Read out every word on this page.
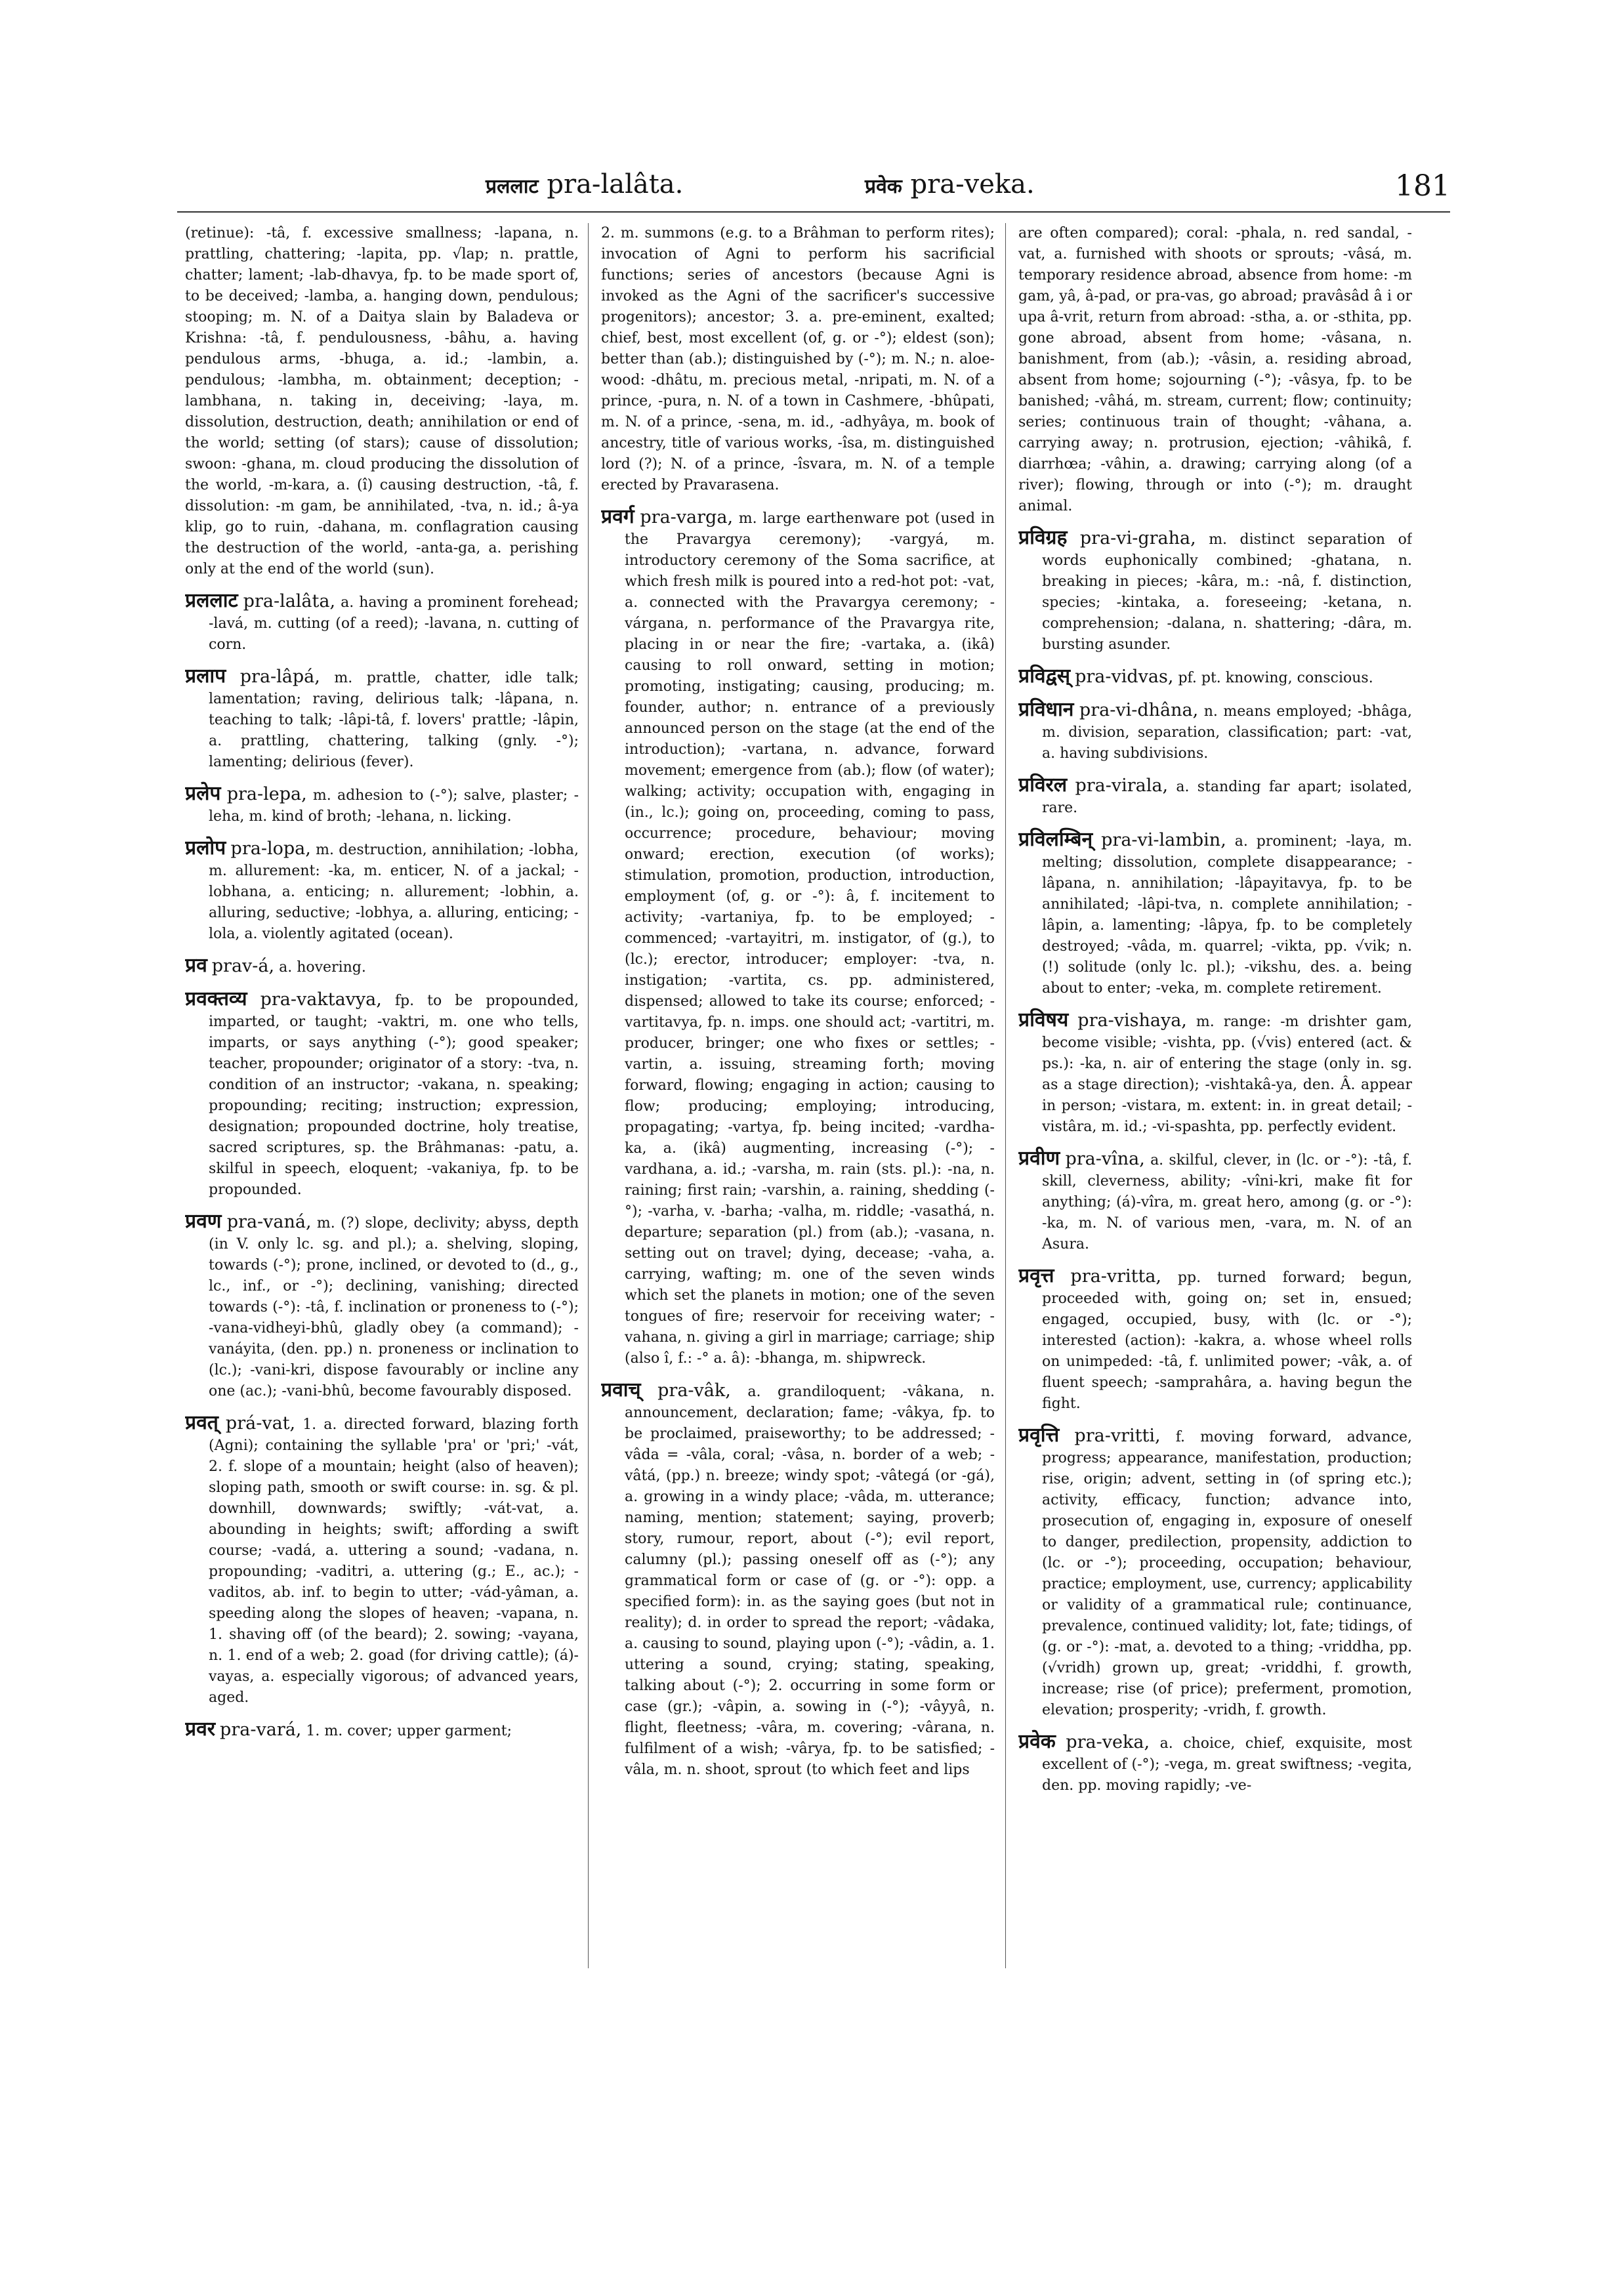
प्रललाट pra-lalâta.	प्रवेक pra-veka.	181
(retinue): -tâ, f. excessive smallness; -lapana, n. prattling, chattering; -lapita, pp. √lap; n. prattle, chatter; lament; -lab-dhavya, fp. to be made sport of, to be deceived; -lamba, a. hanging down, pendulous; stooping; m. N. of a Daitya slain by Baladeva or Krishna: -tâ, f. pendulousness, -bâhu, a. having pendulous arms, -bhuga, a. id.; -lambin, a. pendulous; -lambha, m. obtainment; deception; -lambhana, n. taking in, deceiving; -laya, m. dissolution, destruction, death; annihilation or end of the world; setting (of stars); cause of dissolution; swoon: -ghana, m. cloud producing the dissolution of the world, -m-kara, a. (î) causing destruction, -tâ, f. dissolution: -m gam, be annihilated, -tva, n. id.; â-ya klip, go to ruin, -dahana, m. conflagration causing the destruction of the world, -anta-ga, a. perishing only at the end of the world (sun).
प्रललाट pra-lalâta, a. having a prominent forehead; -lavá, m. cutting (of a reed); -lavana, n. cutting of corn.
प्रलाप pra-lâpá, m. prattle, chatter, idle talk; lamentation; raving, delirious talk; -lâpana, n. teaching to talk; -lâpi-tâ, f. lovers' prattle; -lâpin, a. prattling, chattering, talking (gnly. -°); lamenting; delirious (fever).
प्रलेप pra-lepa, m. adhesion to (-°); salve, plaster; -leha, m. kind of broth; -lehana, n. licking.
प्रलोप pra-lopa, m. destruction, annihilation; -lobha, m. allurement: -ka, m. enticer, N. of a jackal; -lobhana, a. enticing; n. allurement; -lobhin, a. alluring, seductive; -lobhya, a. alluring, enticing; -lola, a. violently agitated (ocean).
प्रव prav-á, a. hovering.
प्रवक्तव्य pra-vaktavya, fp. to be propounded, imparted, or taught; -vaktri, m. one who tells, imparts, or says anything (-°); good speaker; teacher, propounder; originator of a story: -tva, n. condition of an instructor; -vakana, n. speaking; propounding; reciting; instruction; expression, designation; propounded doctrine, holy treatise, sacred scriptures, sp. the Brâhmanas: -patu, a. skilful in speech, eloquent; -vakaniya, fp. to be propounded.
प्रवण pra-vaná, m. (?) slope, declivity; abyss, depth (in V. only lc. sg. and pl.); a. shelving, sloping, towards (-°); prone, inclined, or devoted to (d., g., lc., inf., or -°); declining, vanishing; directed towards (-°): -tâ, f. inclination or proneness to (-°); -vana-vidheyi-bhû, gladly obey (a command); -vanáyita, (den. pp.) n. proneness or inclination to (lc.); -vani-kri, dispose favourably or incline any one (ac.); -vani-bhû, become favourably disposed.
प्रवत् prá-vat, 1. a. directed forward, blazing forth (Agni); containing the syllable 'pra' or 'pri;' -vát, 2. f. slope of a mountain; height (also of heaven); sloping path, smooth or swift course: in. sg. & pl. downhill, downwards; swiftly; -vát-vat, a. abounding in heights; swift; affording a swift course; -vadá, a. uttering a sound; -vadana, n. propounding; -vaditri, a. uttering (g.; E., ac.); -vaditos, ab. inf. to begin to utter; -vád-yâman, a. speeding along the slopes of heaven; -vapana, n. 1. shaving off (of the beard); 2. sowing; -vayana, n. 1. end of a web; 2. goad (for driving cattle); (á)-vayas, a. especially vigorous; of advanced years, aged.
प्रवर pra-vará, 1. m. cover; upper garment;
2. m. summons (e.g. to a Brâhman to perform rites); invocation of Agni to perform his sacrificial functions; series of ancestors (because Agni is invoked as the Agni of the sacrificer's successive progenitors); ancestor; 3. a. pre-eminent, exalted; chief, best, most excellent (of, g. or -°); eldest (son); better than (ab.); distinguished by (-°); m. N.; n. aloe-wood: -dhâtu, m. precious metal, -nripati, m. N. of a prince, -pura, n. N. of a town in Cashmere, -bhûpati, m. N. of a prince, -sena, m. id., -adhyâya, m. book of ancestry, title of various works, -îsa, m. distinguished lord (?); N. of a prince, -îsvara, m. N. of a temple erected by Pravarasena.
प्रवर्ग pra-varga, m. large earthenware pot (used in the Pravargya ceremony); -vargyá, m. introductory ceremony of the Soma sacrifice, at which fresh milk is poured into a red-hot pot: -vat, a. connected with the Pravargya ceremony; -várgana, n. performance of the Pravargya rite, placing in or near the fire; -vartaka, a. (ikâ) causing to roll onward, setting in motion; promoting, instigating; causing, producing; m. founder, author; n. entrance of a previously announced person on the stage (at the end of the introduction); -vartana, n. advance, forward movement; emergence from (ab.); flow (of water); walking; activity; occupation with, engaging in (in., lc.); going on, proceeding, coming to pass, occurrence; procedure, behaviour; moving onward; erection, execution (of works); stimulation, promotion, production, introduction, employment (of, g. or -°): â, f. incitement to activity; -vartaniya, fp. to be employed; -commenced; -vartayitri, m. instigator, of (g.), to (lc.); erector, introducer; employer: -tva, n. instigation; -vartita, cs. pp. administered, dispensed; allowed to take its course; enforced; -vartitavya, fp. n. imps. one should act; -vartitri, m. producer, bringer; one who fixes or settles; -vartin, a. issuing, streaming forth; moving forward, flowing; engaging in action; causing to flow; producing; employing; introducing, propagating; -vartya, fp. being incited; -vardha-ka, a. (ikâ) augmenting, increasing (-°); -vardhana, a. id.; -varsha, m. rain (sts. pl.): -na, n. raining; first rain; -varshin, a. raining, shedding (-°); -varha, v. -barha; -valha, m. riddle; -vasathá, n. departure; separation (pl.) from (ab.); -vasana, n. setting out on travel; dying, decease; -vaha, a. carrying, wafting; m. one of the seven winds which set the planets in motion; one of the seven tongues of fire; reservoir for receiving water; -vahana, n. giving a girl in marriage; carriage; ship (also î, f.: -° a. â): -bhanga, m. shipwreck.
प्रवाच् pra-vâk, a. grandiloquent; -vâkana, n. announcement, declaration; fame; -vâkya, fp. to be proclaimed, praiseworthy; to be addressed; -vâda = -vâla, coral; -vâsa, n. border of a web; -vâtá, (pp.) n. breeze; windy spot; -vâtegá (or -gá), a. growing in a windy place; -vâda, m. utterance; naming, mention; statement; saying, proverb; story, rumour, report, about (-°); evil report, calumny (pl.); passing oneself off as (-°); any grammatical form or case of (g. or -°): opp. a specified form): in. as the saying goes (but not in reality); d. in order to spread the report; -vâdaka, a. causing to sound, playing upon (-°); -vâdin, a. 1. uttering a sound, crying; stating, speaking, talking about (-°); 2. occurring in some form or case (gr.); -vâpin, a. sowing in (-°); -vâyyâ, n. flight, fleetness; -vâra, m. covering; -vârana, n. fulfilment of a wish; -vârya, fp. to be satisfied; -vâla, m. n. shoot, sprout (to which feet and lips
are often compared); coral: -phala, n. red sandal, -vat, a. furnished with shoots or sprouts; -vâsá, m. temporary residence abroad, absence from home: -m gam, yâ, â-pad, or pra-vas, go abroad; pravâsâd â i or upa â-vrit, return from abroad: -stha, a. or -sthita, pp. gone abroad, absent from home; -vâsana, n. banishment, from (ab.); -vâsin, a. residing abroad, absent from home; sojourning (-°); -vâsya, fp. to be banished; -vâhá, m. stream, current; flow; continuity; series; continuous train of thought; -vâhana, a. carrying away; n. protrusion, ejection; -vâhikâ, f. diarrhœa; -vâhin, a. drawing; carrying along (of a river); flowing, through or into (-°); m. draught animal.
प्रविग्रह pra-vi-graha, m. distinct separation of words euphonically combined; -ghatana, n. breaking in pieces; -kâra, m.: -nâ, f. distinction, species; -kintaka, a. foreseeing; -ketana, n. comprehension; -dalana, n. shattering; -dâra, m. bursting asunder.
प्रविद्वस् pra-vidvas, pf. pt. knowing, conscious.
प्रविधान pra-vi-dhâna, n. means employed; -bhâga, m. division, separation, classification; part: -vat, a. having subdivisions.
प्रविरल pra-virala, a. standing far apart; isolated, rare.
प्रविलम्बिन् pra-vi-lambin, a. prominent; -laya, m. melting; dissolution, complete disappearance; -lâpana, n. annihilation; -lâpayitavya, fp. to be annihilated; -lâpi-tva, n. complete annihilation; -lâpin, a. lamenting; -lâpya, fp. to be completely destroyed; -vâda, m. quarrel; -vikta, pp. √vik; n. (!) solitude (only lc. pl.); -vikshu, des. a. being about to enter; -veka, m. complete retirement.
प्रविषय pra-vishaya, m. range: -m drishter gam, become visible; -vishta, pp. (√vis) entered (act. & ps.): -ka, n. air of entering the stage (only in. sg. as a stage direction); -vishtakâ-ya, den. Â. appear in person; -vistara, m. extent: in. in great detail; -vistâra, m. id.; -vi-spashta, pp. perfectly evident.
प्रवीण pra-vîna, a. skilful, clever, in (lc. or -°): -tâ, f. skill, cleverness, ability; -vîni-kri, make fit for anything; (á)-vîra, m. great hero, among (g. or -°): -ka, m. N. of various men, -vara, m. N. of an Asura.
प्रवृत्त pra-vritta, pp. turned forward; begun, proceeded with, going on; set in, ensued; engaged, occupied, busy, with (lc. or -°); interested (action): -kakra, a. whose wheel rolls on unimpeded: -tâ, f. unlimited power; -vâk, a. of fluent speech; -samprahâra, a. having begun the fight.
प्रवृत्ति pra-vritti, f. moving forward, advance, progress; appearance, manifestation, production; rise, origin; advent, setting in (of spring etc.); activity, efficacy, function; advance into, prosecution of, engaging in, exposure of oneself to danger, predilection, propensity, addiction to (lc. or -°); proceeding, occupation; behaviour, practice; employment, use, currency; applicability or validity of a grammatical rule; continuance, prevalence, continued validity; lot, fate; tidings, of (g. or -°): -mat, a. devoted to a thing; -vriddha, pp. (√vridh) grown up, great; -vriddhi, f. growth, increase; rise (of price); preferment, promotion, elevation; prosperity; -vridh, f. growth.
प्रवेक pra-veka, a. choice, chief, exquisite, most excellent of (-°); -vega, m. great swiftness; -vegita, den. pp. moving rapidly; -ve-
